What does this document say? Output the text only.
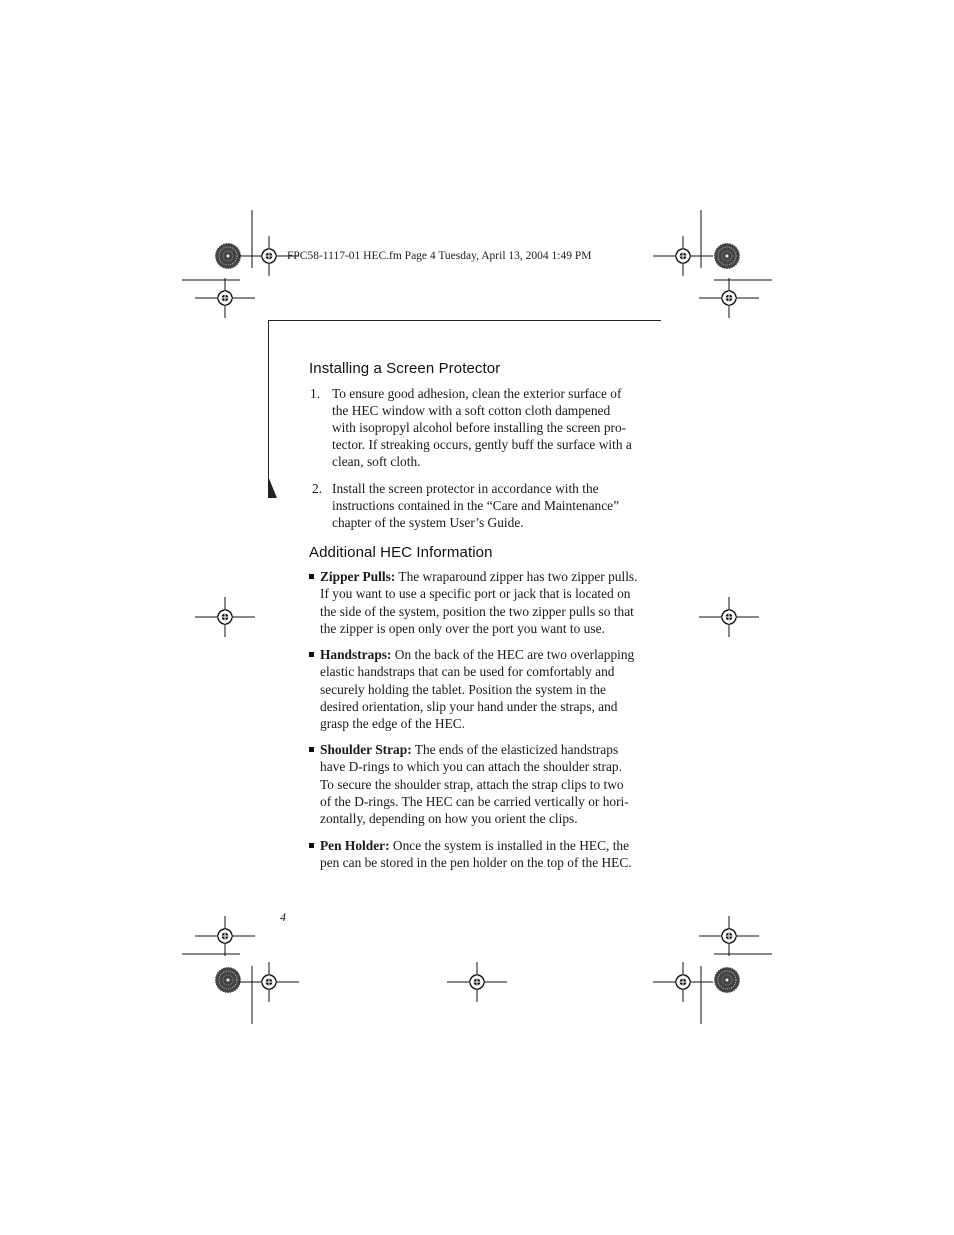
FPC58-1117-01 HEC.fm Page 4 Tuesday, April 13, 2004 1:49 PM
Installing a Screen Protector
1. To ensure good adhesion, clean the exterior surface of
the HEC window with a soft cotton cloth dampened
with isopropyl alcohol before installing the screen pro-
tector. If streaking occurs, gently buff the surface with a
clean, soft cloth.
2. Install the screen protector in accordance with the
instructions contained in the “Care and Maintenance”
chapter of the system User’s Guide.
Additional HEC Information
Zipper Pulls: The wraparound zipper has two zipper pulls.
If you want to use a specific port or jack that is located on
the side of the system, position the two zipper pulls so that
the zipper is open only over the port you want to use.
Handstraps: On the back of the HEC are two overlapping
elastic handstraps that can be used for comfortably and
securely holding the tablet. Position the system in the
desired orientation, slip your hand under the straps, and
grasp the edge of the HEC.
Shoulder Strap: The ends of the elasticized handstraps
have D-rings to which you can attach the shoulder strap.
To secure the shoulder strap, attach the strap clips to two
of the D-rings. The HEC can be carried vertically or hori-
zontally, depending on how you orient the clips.
Pen Holder: Once the system is installed in the HEC, the
pen can be stored in the pen holder on the top of the HEC.
4
